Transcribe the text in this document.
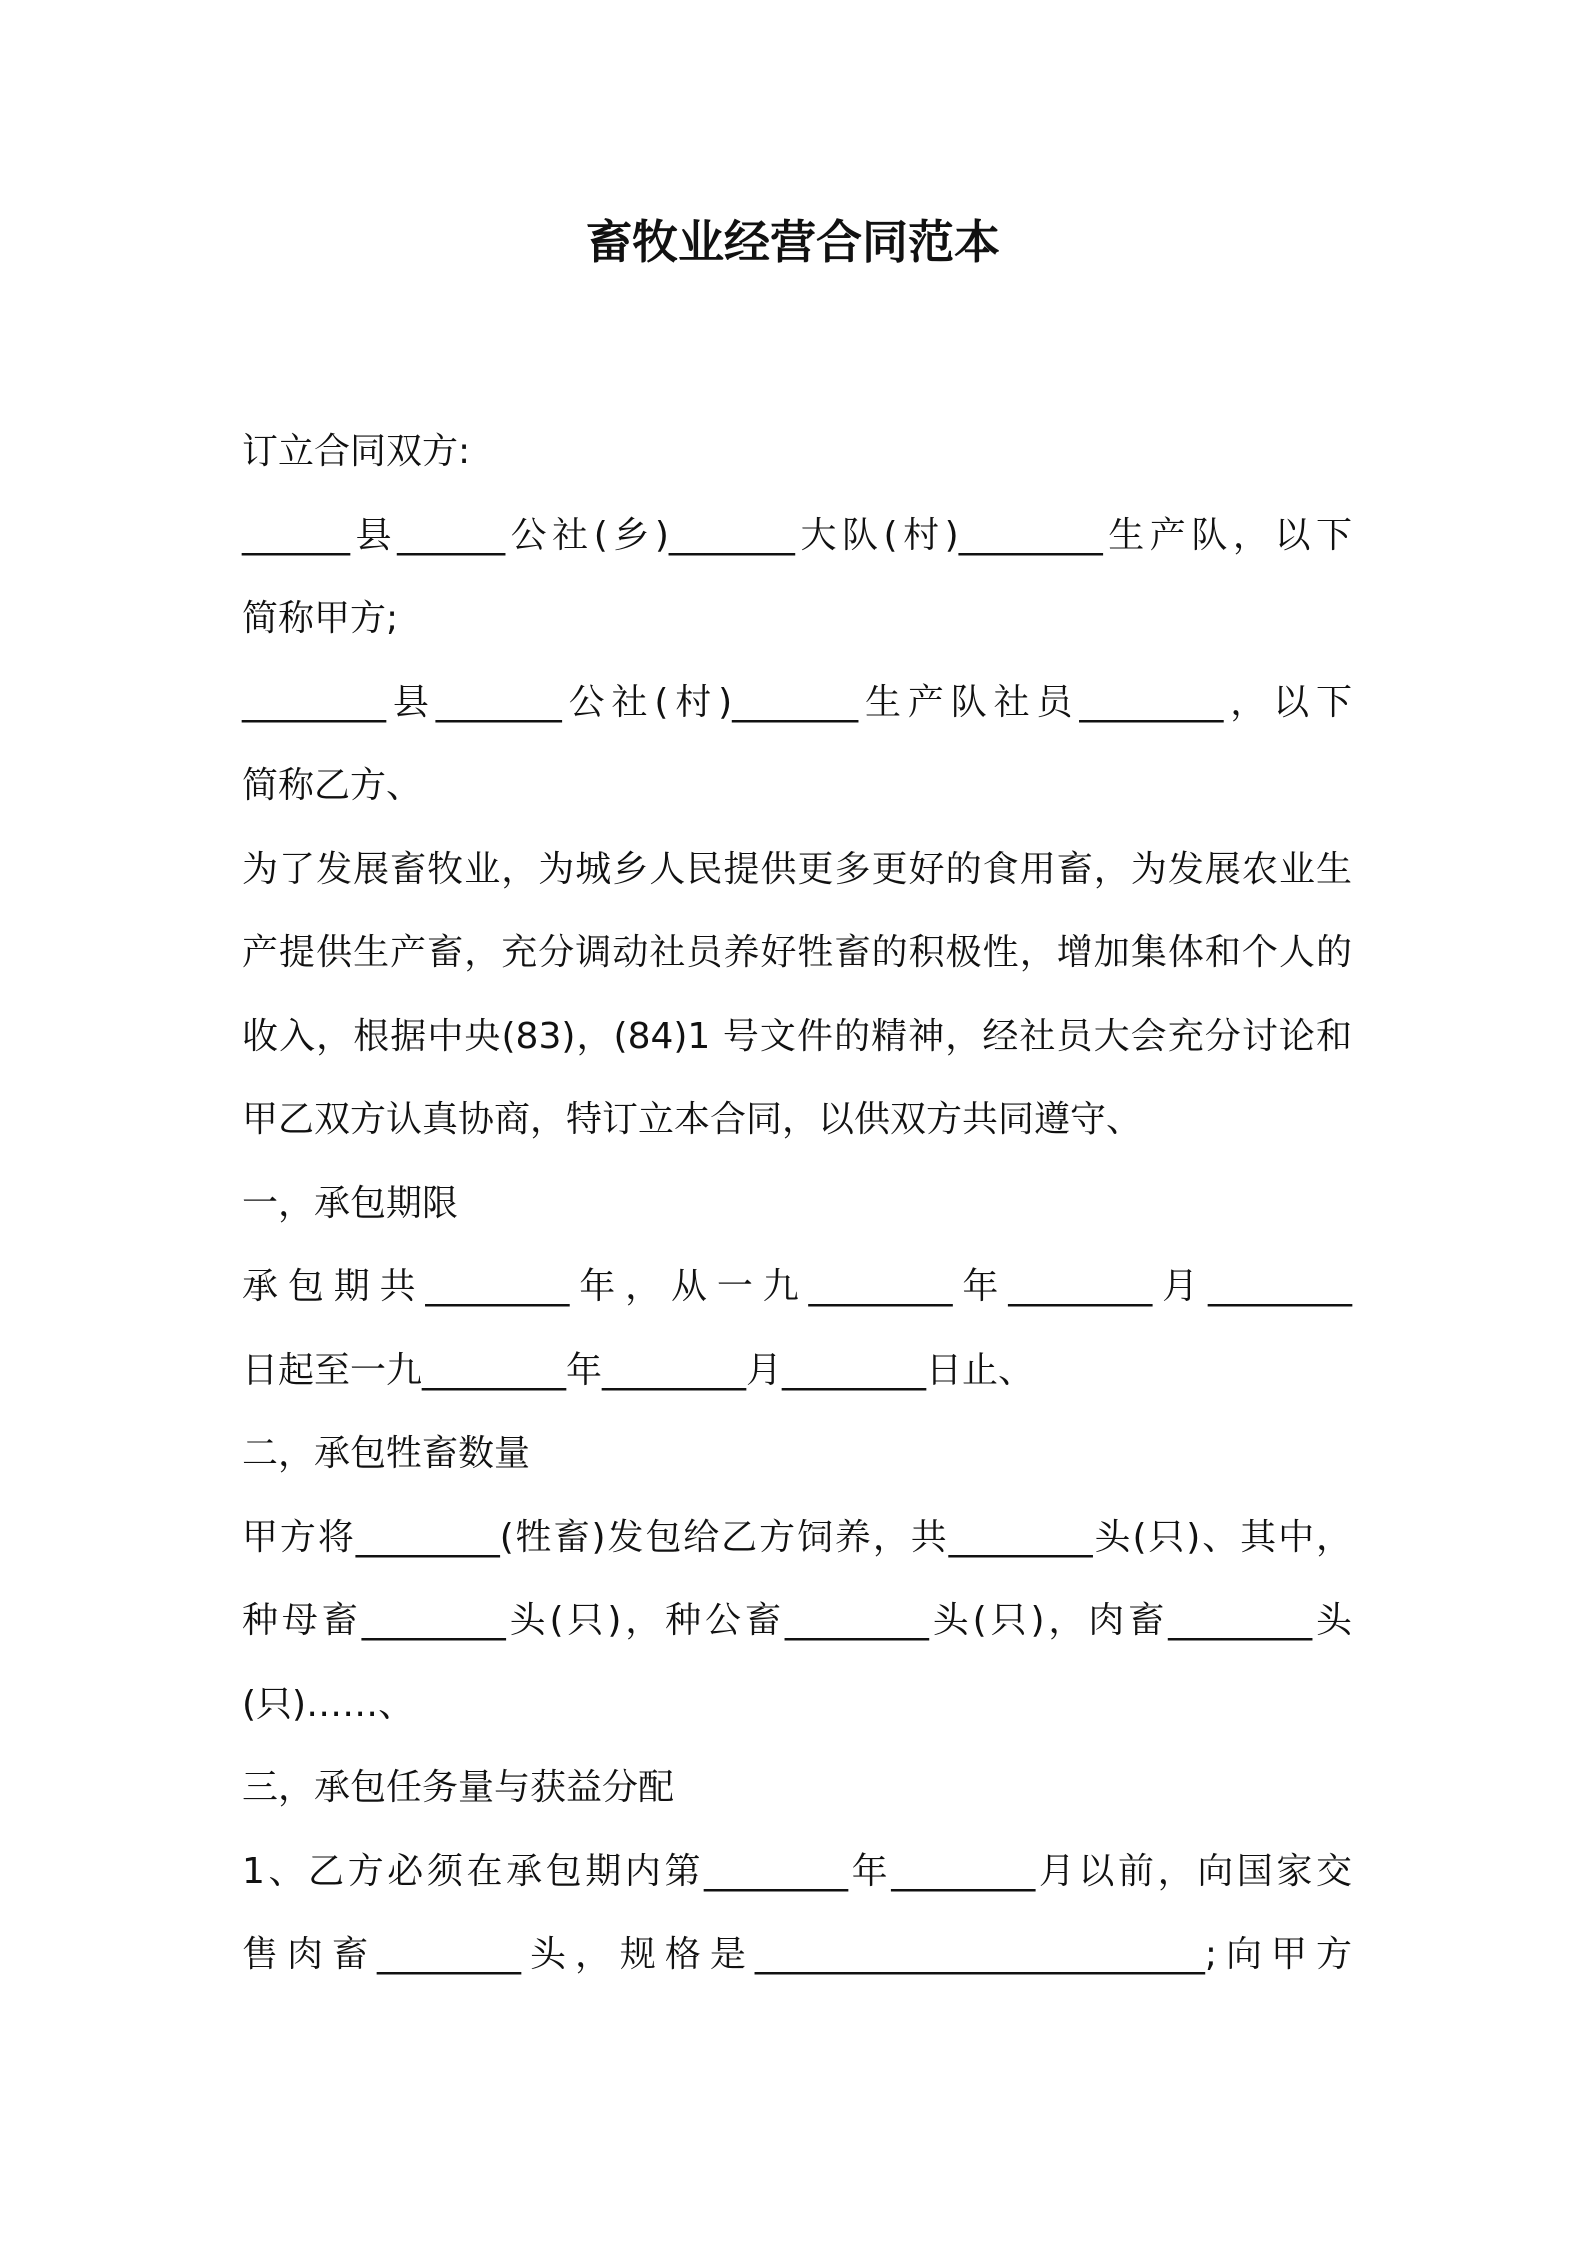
畜牧业经营合同范本
订立合同双方:
______县______公社(乡)_______大队(村)________生产队，以下
简称甲方;
________县_______公社(村)_______生产队社员________，以下
简称乙方、
为了发展畜牧业，为城乡人民提供更多更好的食用畜，为发展农业生
产提供生产畜，充分调动社员养好牲畜的积极性，增加集体和个人的
收入，根据中央(83)，(84)1 号文件的精神，经社员大会充分讨论和
甲乙双方认真协商，特订立本合同，以供双方共同遵守、
一，承包期限
承包期共________年，从一九________年________月________
日起至一九________年________月________日止、
二，承包牲畜数量
甲方将________(牲畜)发包给乙方饲养，共________头(只)、其中，
种母畜________头(只)，种公畜________头(只)，肉畜________头
(只)……、
三，承包任务量与获益分配
1、乙方必须在承包期内第________年________月以前，向国家交
售肉畜________头，规格是_________________________;向甲方
